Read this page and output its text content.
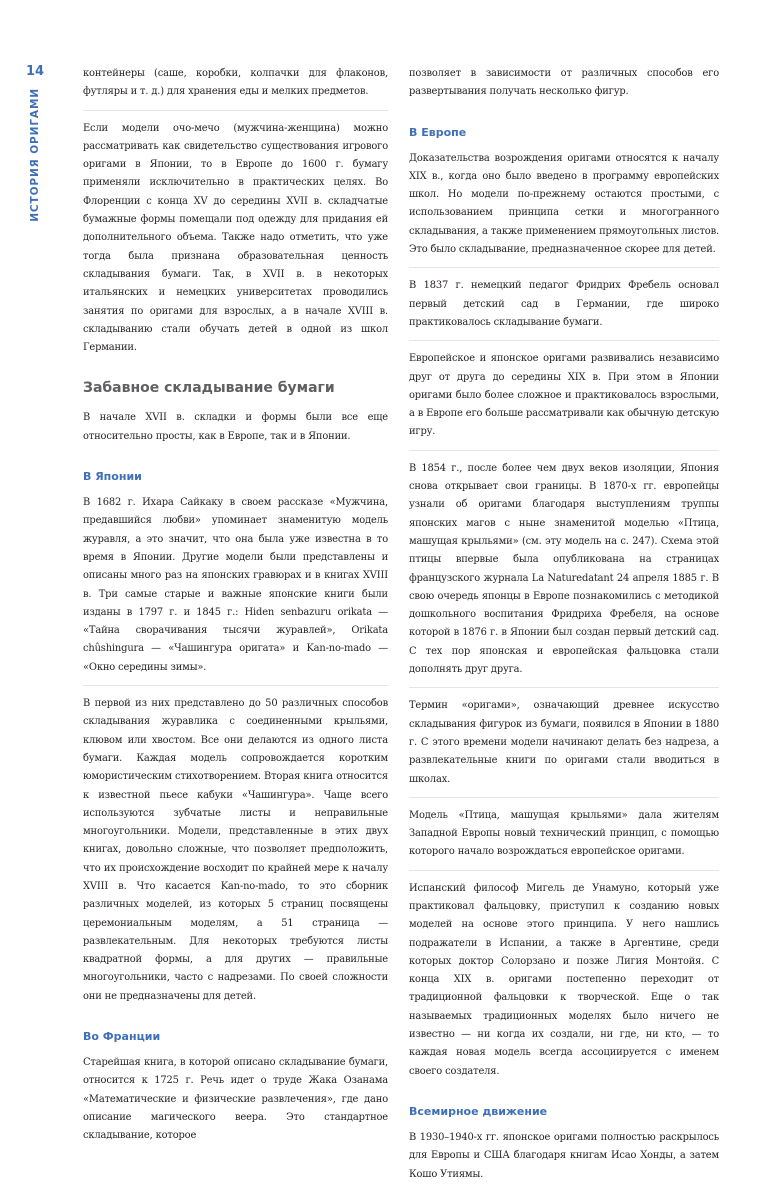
14
ИСТОРИЯ ОРИГАМИ

контейнеры (саше, коробки, колпачки для флаконов, футляры и т. д.) для хранения еды и мелких предметов.

Если модели очо-мечо (мужчина-женщина) можно рассматривать как свидетельство существования игрового оригами в Японии, то в Европе до 1600 г. бумагу применяли исключительно в практических целях. Во Флоренции с конца XV до середины XVII в. складчатые бумажные формы помещали под одежду для придания ей дополнительного объема. Также надо отметить, что уже тогда была признана образовательная ценность складывания бумаги. Так, в XVII в. в некоторых итальянских и немецких университетах проводились занятия по оригами для взрослых, а в начале XVIII в. складыванию стали обучать детей в одной из школ Германии.

Забавное складывание бумаги

В начале XVII в. складки и формы были все еще относительно просты, как в Европе, так и в Японии.

В Японии

В 1682 г. Ихара Сайкаку в своем рассказе «Мужчина, предавшийся любви» упоминает знаменитую модель журавля, а это значит, что она была уже известна в то время в Японии. Другие модели были представлены и описаны много раз на японских гравюрах и в книгах XVIII в. Три самые старые и важные японские книги были изданы в 1797 г. и 1845 г.: Hiden senbazuru orikata — «Тайна сворачивания тысячи журавлей», Orikata chûshingura — «Чашингура оригата» и Kan-no-mado — «Окно середины зимы».

В первой из них представлено до 50 различных способов складывания журавлика с соединенными крыльями, клювом или хвостом. Все они делаются из одного листа бумаги. Каждая модель сопровождается коротким юмористическим стихотворением. Вторая книга относится к известной пьесе кабуки «Чашингура». Чаще всего используются зубчатые листы и неправильные многоугольники. Модели, представленные в этих двух книгах, довольно сложные, что позволяет предположить, что их происхождение восходит по крайней мере к началу XVIII в. Что касается Kan-no-mado, то это сборник различных моделей, из которых 5 страниц посвящены церемониальным моделям, а 51 страница — развлекательным. Для некоторых требуются листы квадратной формы, а для других — правильные многоугольники, часто с надрезами. По своей сложности они не предназначены для детей.

Во Франции

Старейшая книга, в которой описано складывание бумаги, относится к 1725 г. Речь идет о труде Жака Озанама «Математические и физические развлечения», где дано описание магического веера. Это стандартное складывание, которое

позволяет в зависимости от различных способов его развертывания получать несколько фигур.

В Европе

Доказательства возрождения оригами относятся к началу XIX в., когда оно было введено в программу европейских школ. Но модели по-прежнему остаются простыми, с использованием принципа сетки и многогранного складывания, а также применением прямоугольных листов. Это было складывание, предназначенное скорее для детей.

В 1837 г. немецкий педагог Фридрих Фребель основал первый детский сад в Германии, где широко практиковалось складывание бумаги.

Европейское и японское оригами развивались независимо друг от друга до середины XIX в. При этом в Японии оригами было более сложное и практиковалось взрослыми, а в Европе его больше рассматривали как обычную детскую игру.

В 1854 г., после более чем двух веков изоляции, Япония снова открывает свои границы. В 1870-х гг. европейцы узнали об оригами благодаря выступлениям труппы японских магов с ныне знаменитой моделью «Птица, машущая крыльями» (см. эту модель на с. 247). Схема этой птицы впервые была опубликована на страницах французского журнала La Naturedatant 24 апреля 1885 г. В свою очередь японцы в Европе познакомились с методикой дошкольного воспитания Фридриха Фребеля, на основе которой в 1876 г. в Японии был создан первый детский сад. С тех пор японская и европейская фальцовка стали дополнять друг друга.

Термин «оригами», означающий древнее искусство складывания фигурок из бумаги, появился в Японии в 1880 г. С этого времени модели начинают делать без надреза, а развлекательные книги по оригами стали вводиться в школах.

Модель «Птица, машущая крыльями» дала жителям Западной Европы новый технический принцип, с помощью которого начало возрождаться европейское оригами.

Испанский философ Мигель де Унамуно, который уже практиковал фальцовку, приступил к созданию новых моделей на основе этого принципа. У него нашлись подражатели в Испании, а также в Аргентине, среди которых доктор Солорзано и позже Лигия Монтойя. С конца XIX в. оригами постепенно переходит от традиционной фальцовки к творческой. Еще о так называемых традиционных моделях было ничего не известно — ни когда их создали, ни где, ни кто, — то каждая новая модель всегда ассоциируется с именем своего создателя.

Всемирное движение

В 1930–1940-х гг. японское оригами полностью раскрылось для Европы и США благодаря книгам Исао Хонды, а затем Кошо Утиямы.
